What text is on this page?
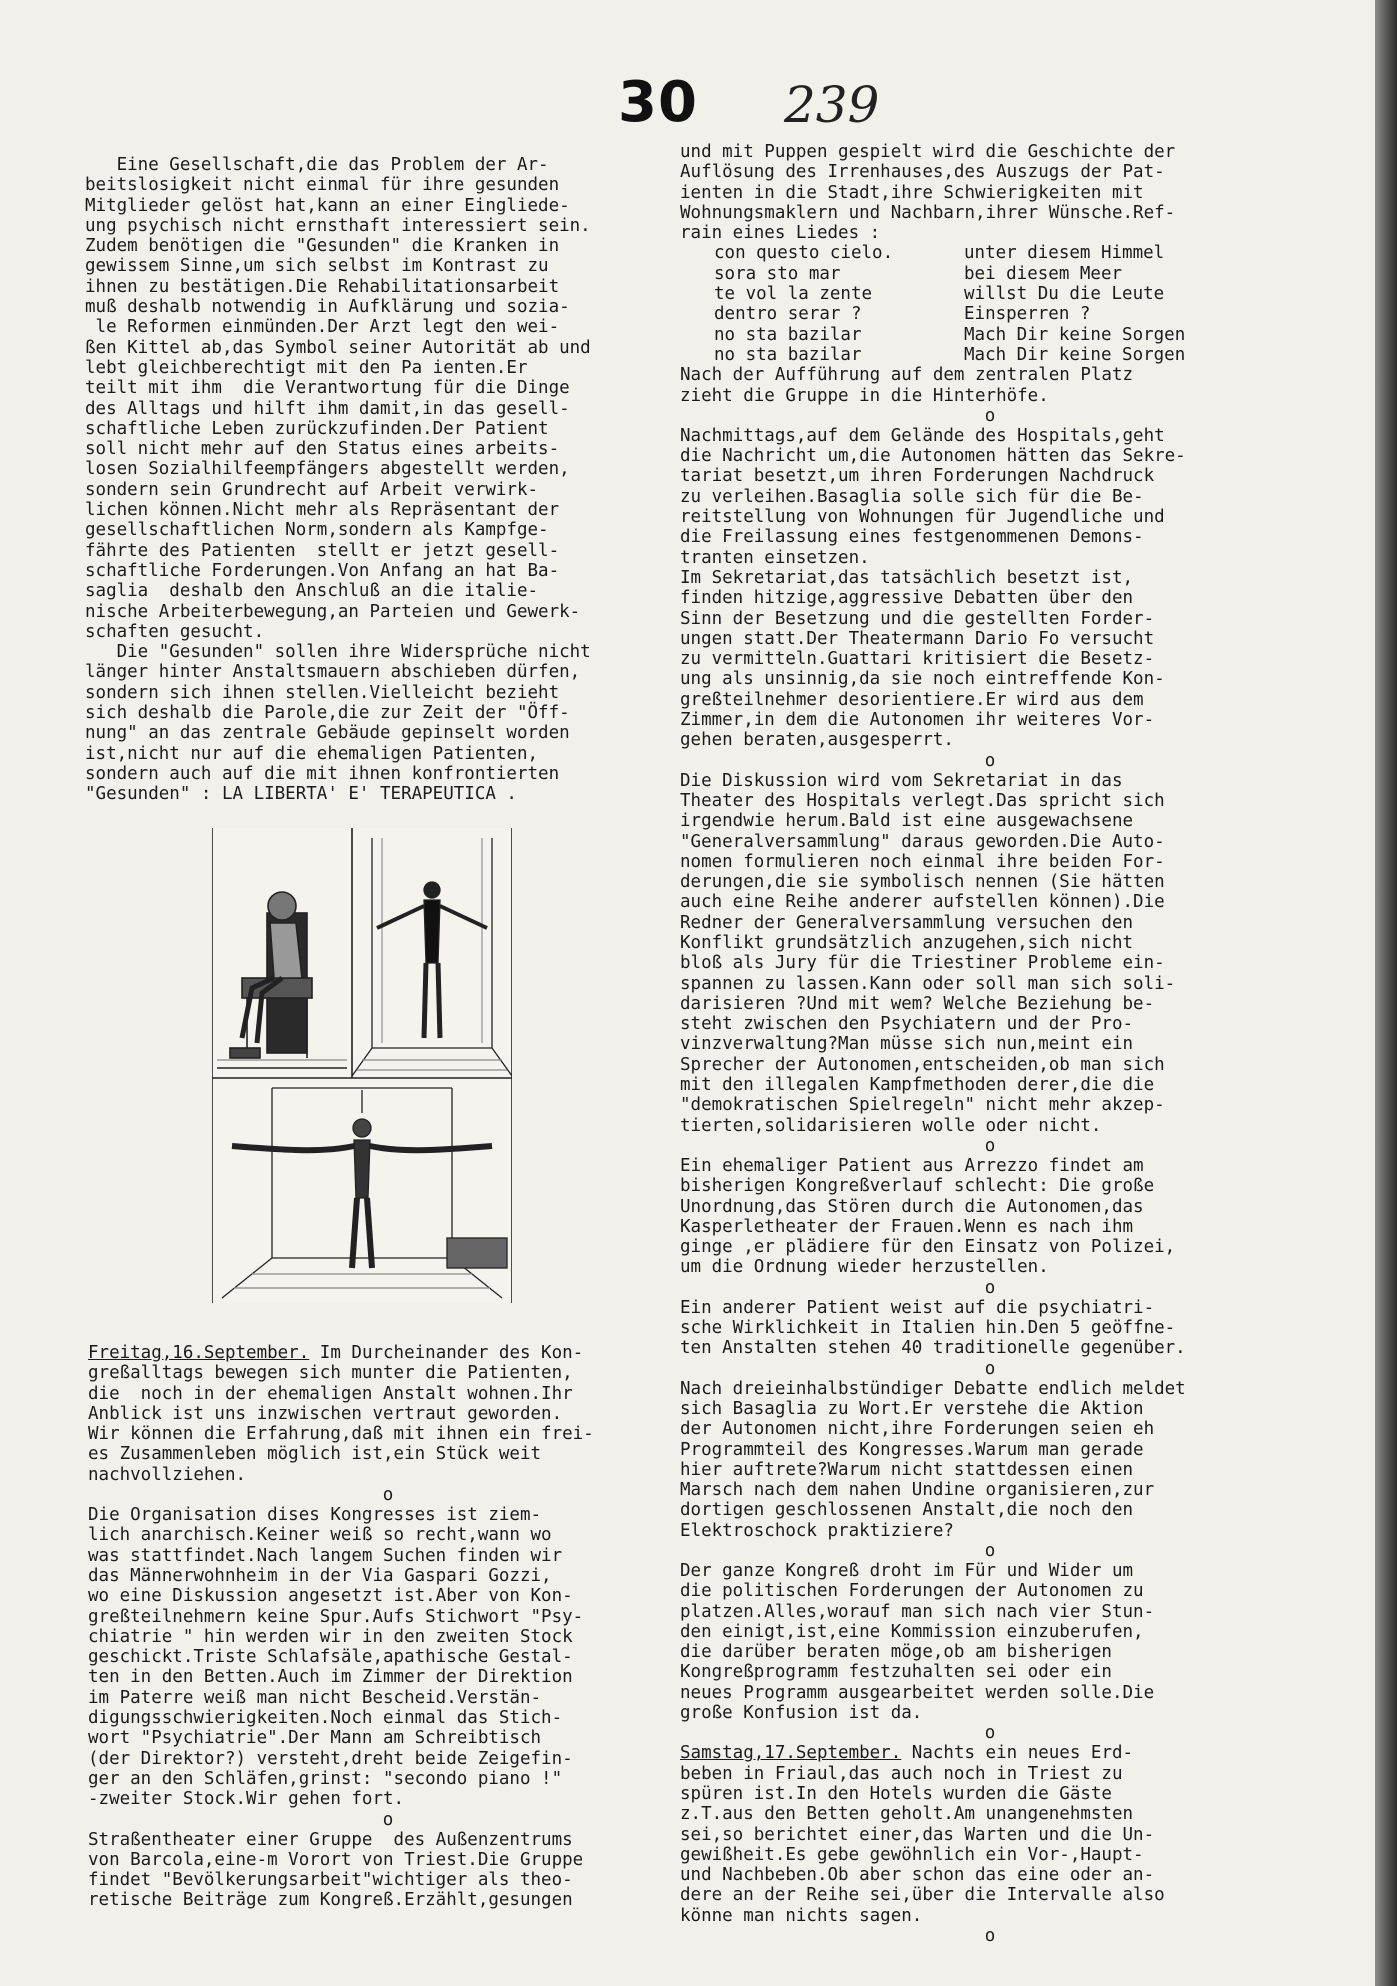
30 239

Eine Gesellschaft,die das Problem der Ar-

beitslosigkeit nicht einmal für ihre gesunden

Mitglieder gelöst hat,kann an einer Eingliede-

ung psychisch nicht ernsthaft interessiert sein.

Zudem benötigen die "Gesunden" die Kranken in

gewissem Sinne,um sich selbst im Kontrast zu

ihnen zu bestätigen.Die Rehabilitationsarbeit

muß deshalb notwendig in Aufklärung und sozia-

le Reformen einmünden.Der Arzt legt den wei-

ßen Kittel ab,das Symbol seiner Autorität ab und

lebt gleichberechtigt mit den Pa ienten.Er

teilt mit ihm  die Verantwortung für die Dinge

des Alltags und hilft ihm damit,in das gesell-

schaftliche Leben zurückzufinden.Der Patient

soll nicht mehr auf den Status eines arbeits-

losen Sozialhilfeempfängers abgestellt werden,

sondern sein Grundrecht auf Arbeit verwirk-

lichen können.Nicht mehr als Repräsentant der

gesellschaftlichen Norm,sondern als Kampfge-

fährte des Patienten  stellt er jetzt gesell-

schaftliche Forderungen.Von Anfang an hat Ba-

saglia  deshalb den Anschluß an die italie-

nische Arbeiterbewegung,an Parteien und Gewerk-

schaften gesucht.

Die "Gesunden" sollen ihre Widersprüche nicht

länger hinter Anstaltsmauern abschieben dürfen,

sondern sich ihnen stellen.Vielleicht bezieht

sich deshalb die Parole,die zur Zeit der "Öff-

nung" an das zentrale Gebäude gepinselt worden

ist,nicht nur auf die ehemaligen Patienten,

sondern auch auf die mit ihnen konfrontierten

"Gesunden" : LA LIBERTA' E' TERAPEUTICA .

Freitag,16.September. Im Durcheinander des Kon-

greßalltags bewegen sich munter die Patienten,

die  noch in der ehemaligen Anstalt wohnen.Ihr

Anblick ist uns inzwischen vertraut geworden.

Wir können die Erfahrung,daß mit ihnen ein frei-

es Zusammenleben möglich ist,ein Stück weit

nachvollziehen.

o

Die Organisation dises Kongresses ist ziem-

lich anarchisch.Keiner weiß so recht,wann wo

was stattfindet.Nach langem Suchen finden wir

das Männerwohnheim in der Via Gaspari Gozzi,

wo eine Diskussion angesetzt ist.Aber von Kon-

greßteilnehmern keine Spur.Aufs Stichwort "Psy-

chiatrie " hin werden wir in den zweiten Stock

geschickt.Triste Schlafsäle,apathische Gestal-

ten in den Betten.Auch im Zimmer der Direktion

im Paterre weiß man nicht Bescheid.Verstän-

digungsschwierigkeiten.Noch einmal das Stich-

wort "Psychiatrie".Der Mann am Schreibtisch

(der Direktor?) versteht,dreht beide Zeigefin-

ger an den Schläfen,grinst: "secondo piano !"

-zweiter Stock.Wir gehen fort.

o

Straßentheater einer Gruppe  des Außenzentrums

von Barcola,eine-m Vorort von Triest.Die Gruppe

findet "Bevölkerungsarbeit"wichtiger als theo-

retische Beiträge zum Kongreß.Erzählt,gesungen

und mit Puppen gespielt wird die Geschichte der

Auflösung des Irrenhauses,des Auszugs der Pat-

ienten in die Stadt,ihre Schwierigkeiten mit

Wohnungsmaklern und Nachbarn,ihrer Wünsche.Ref-

rain eines Liedes :

con questo cielo.
sora sto mar
te vol la zente
dentro serar ?
no sta bazilar
no sta bazilar
unter diesem Himmel
bei diesem Meer
willst Du die Leute
Einsperren ?
Mach Dir keine Sorgen
Mach Dir keine Sorgen

Nach der Aufführung auf dem zentralen Platz

zieht die Gruppe in die Hinterhöfe.

o

Nachmittags,auf dem Gelände des Hospitals,geht

die Nachricht um,die Autonomen hätten das Sekre-

tariat besetzt,um ihren Forderungen Nachdruck

zu verleihen.Basaglia solle sich für die Be-

reitstellung von Wohnungen für Jugendliche und

die Freilassung eines festgenommenen Demons-

tranten einsetzen.

Im Sekretariat,das tatsächlich besetzt ist,

finden hitzige,aggressive Debatten über den

Sinn der Besetzung und die gestellten Forder-

ungen statt.Der Theatermann Dario Fo versucht

zu vermitteln.Guattari kritisiert die Besetz-

ung als unsinnig,da sie noch eintreffende Kon-

greßteilnehmer desorientiere.Er wird aus dem

Zimmer,in dem die Autonomen ihr weiteres Vor-

gehen beraten,ausgesperrt.

o

Die Diskussion wird vom Sekretariat in das

Theater des Hospitals verlegt.Das spricht sich

irgendwie herum.Bald ist eine ausgewachsene

"Generalversammlung" daraus geworden.Die Auto-

nomen formulieren noch einmal ihre beiden For-

derungen,die sie symbolisch nennen (Sie hätten

auch eine Reihe anderer aufstellen können).Die

Redner der Generalversammlung versuchen den

Konflikt grundsätzlich anzugehen,sich nicht

bloß als Jury für die Triestiner Probleme ein-

spannen zu lassen.Kann oder soll man sich soli-

darisieren ?Und mit wem? Welche Beziehung be-

steht zwischen den Psychiatern und der Pro-

vinzverwaltung?Man müsse sich nun,meint ein

Sprecher der Autonomen,entscheiden,ob man sich

mit den illegalen Kampfmethoden derer,die die

"demokratischen Spielregeln" nicht mehr akzep-

tierten,solidarisieren wolle oder nicht.

o

Ein ehemaliger Patient aus Arrezzo findet am

bisherigen Kongreßverlauf schlecht: Die große

Unordnung,das Stören durch die Autonomen,das

Kasperletheater der Frauen.Wenn es nach ihm

ginge ,er plädiere für den Einsatz von Polizei,

um die Ordnung wieder herzustellen.

o

Ein anderer Patient weist auf die psychiatri-

sche Wirklichkeit in Italien hin.Den 5 geöffne-

ten Anstalten stehen 40 traditionelle gegenüber.

o

Nach dreieinhalbstündiger Debatte endlich meldet

sich Basaglia zu Wort.Er verstehe die Aktion

der Autonomen nicht,ihre Forderungen seien eh

Programmteil des Kongresses.Warum man gerade

hier auftrete?Warum nicht stattdessen einen

Marsch nach dem nahen Undine organisieren,zur

dortigen geschlossenen Anstalt,die noch den

Elektroschock praktiziere?

o

Der ganze Kongreß droht im Für und Wider um

die politischen Forderungen der Autonomen zu

platzen.Alles,worauf man sich nach vier Stun-

den einigt,ist,eine Kommission einzuberufen,

die darüber beraten möge,ob am bisherigen

Kongreßprogramm festzuhalten sei oder ein

neues Programm ausgearbeitet werden solle.Die

große Konfusion ist da.

o

Samstag,17.September. Nachts ein neues Erd-

beben in Friaul,das auch noch in Triest zu

spüren ist.In den Hotels wurden die Gäste

z.T.aus den Betten geholt.Am unangenehmsten

sei,so berichtet einer,das Warten und die Un-

gewißheit.Es gebe gewöhnlich ein Vor-,Haupt-

und Nachbeben.Ob aber schon das eine oder an-

dere an der Reihe sei,über die Intervalle also

könne man nichts sagen.

o
